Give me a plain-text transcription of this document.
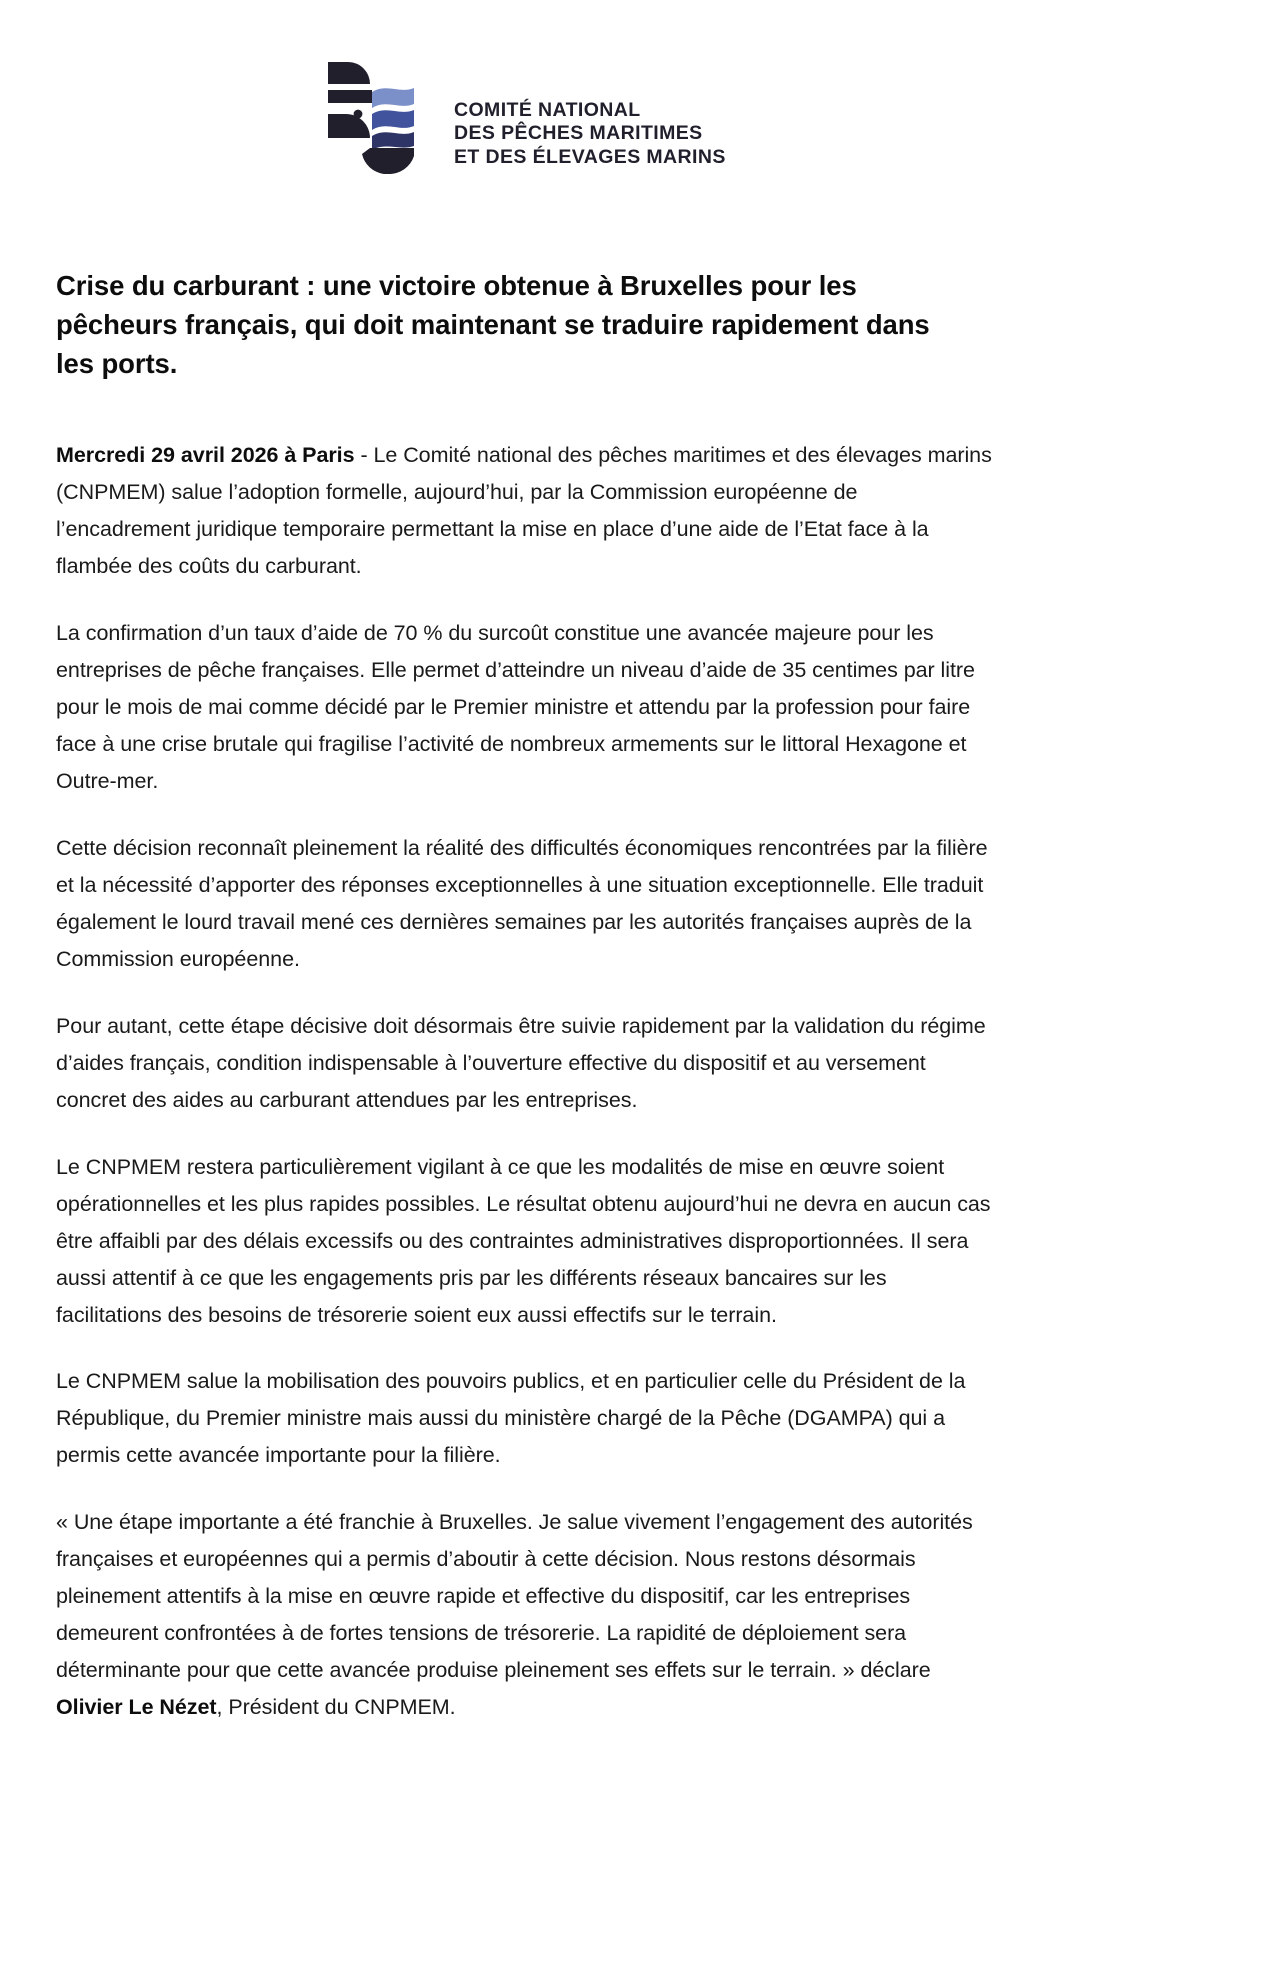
COMITÉ NATIONAL
DES PÊCHES MARITIMES
ET DES ÉLEVAGES MARINS
Crise du carburant : une victoire obtenue à Bruxelles pour les pêcheurs français, qui doit maintenant se traduire rapidement dans les ports.

Mercredi 29 avril 2026 à Paris - Le Comité national des pêches maritimes et des élevages marins (CNPMEM) salue l’adoption formelle, aujourd’hui, par la Commission européenne de l’encadrement juridique temporaire permettant la mise en place d’une aide de l’Etat face à la flambée des coûts du carburant.

La confirmation d’un taux d’aide de 70 % du surcoût constitue une avancée majeure pour les entreprises de pêche françaises. Elle permet d’atteindre un niveau d’aide de 35 centimes par litre pour le mois de mai comme décidé par le Premier ministre et attendu par la profession pour faire face à une crise brutale qui fragilise l’activité de nombreux armements sur le littoral Hexagone et Outre-mer.

Cette décision reconnaît pleinement la réalité des difficultés économiques rencontrées par la filière et la nécessité d’apporter des réponses exceptionnelles à une situation exceptionnelle. Elle traduit également le lourd travail mené ces dernières semaines par les autorités françaises auprès de la Commission européenne.

Pour autant, cette étape décisive doit désormais être suivie rapidement par la validation du régime d’aides français, condition indispensable à l’ouverture effective du dispositif et au versement concret des aides au carburant attendues par les entreprises.

Le CNPMEM restera particulièrement vigilant à ce que les modalités de mise en œuvre soient opérationnelles et les plus rapides possibles. Le résultat obtenu aujourd’hui ne devra en aucun cas être affaibli par des délais excessifs ou des contraintes administratives disproportionnées. Il sera aussi attentif à ce que les engagements pris par les différents réseaux bancaires sur les facilitations des besoins de trésorerie soient eux aussi effectifs sur le terrain.

Le CNPMEM salue la mobilisation des pouvoirs publics, et en particulier celle du Président de la République, du Premier ministre mais aussi du ministère chargé de la Pêche (DGAMPA) qui a permis cette avancée importante pour la filière.

« Une étape importante a été franchie à Bruxelles. Je salue vivement l’engagement des autorités françaises et européennes qui a permis d’aboutir à cette décision. Nous restons désormais pleinement attentifs à la mise en œuvre rapide et effective du dispositif, car les entreprises demeurent confrontées à de fortes tensions de trésorerie. La rapidité de déploiement sera déterminante pour que cette avancée produise pleinement ses effets sur le terrain. » déclare Olivier Le Nézet, Président du CNPMEM.
